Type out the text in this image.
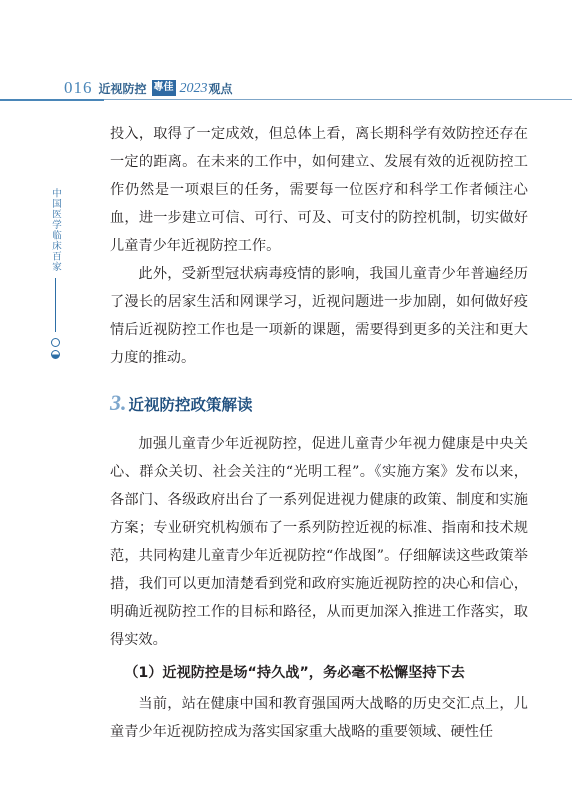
016 近视防控 專佳 2023 观点
中国医学临床百家

投入，取得了一定成效，但总体上看，离长期科学有效防控还存在一定的距离。在未来的工作中，如何建立、发展有效的近视防控工作仍然是一项艰巨的任务，需要每一位医疗和科学工作者倾注心血，进一步建立可信、可行、可及、可支付的防控机制，切实做好儿童青少年近视防控工作。

此外，受新型冠状病毒疫情的影响，我国儿童青少年普遍经历了漫长的居家生活和网课学习，近视问题进一步加剧，如何做好疫情后近视防控工作也是一项新的课题，需要得到更多的关注和更大力度的推动。

3. 近视防控政策解读

加强儿童青少年近视防控，促进儿童青少年视力健康是中央关心、群众关切、社会关注的“光明工程”。《实施方案》发布以来，各部门、各级政府出台了一系列促进视力健康的政策、制度和实施方案；专业研究机构颁布了一系列防控近视的标准、指南和技术规范，共同构建儿童青少年近视防控“作战图”。仔细解读这些政策举措，我们可以更加清楚看到党和政府实施近视防控的决心和信心，明确近视防控工作的目标和路径，从而更加深入推进工作落实，取得实效。

（1）近视防控是场“持久战”，务必毫不松懈坚持下去

当前，站在健康中国和教育强国两大战略的历史交汇点上，儿童青少年近视防控成为落实国家重大战略的重要领域、硬性任
